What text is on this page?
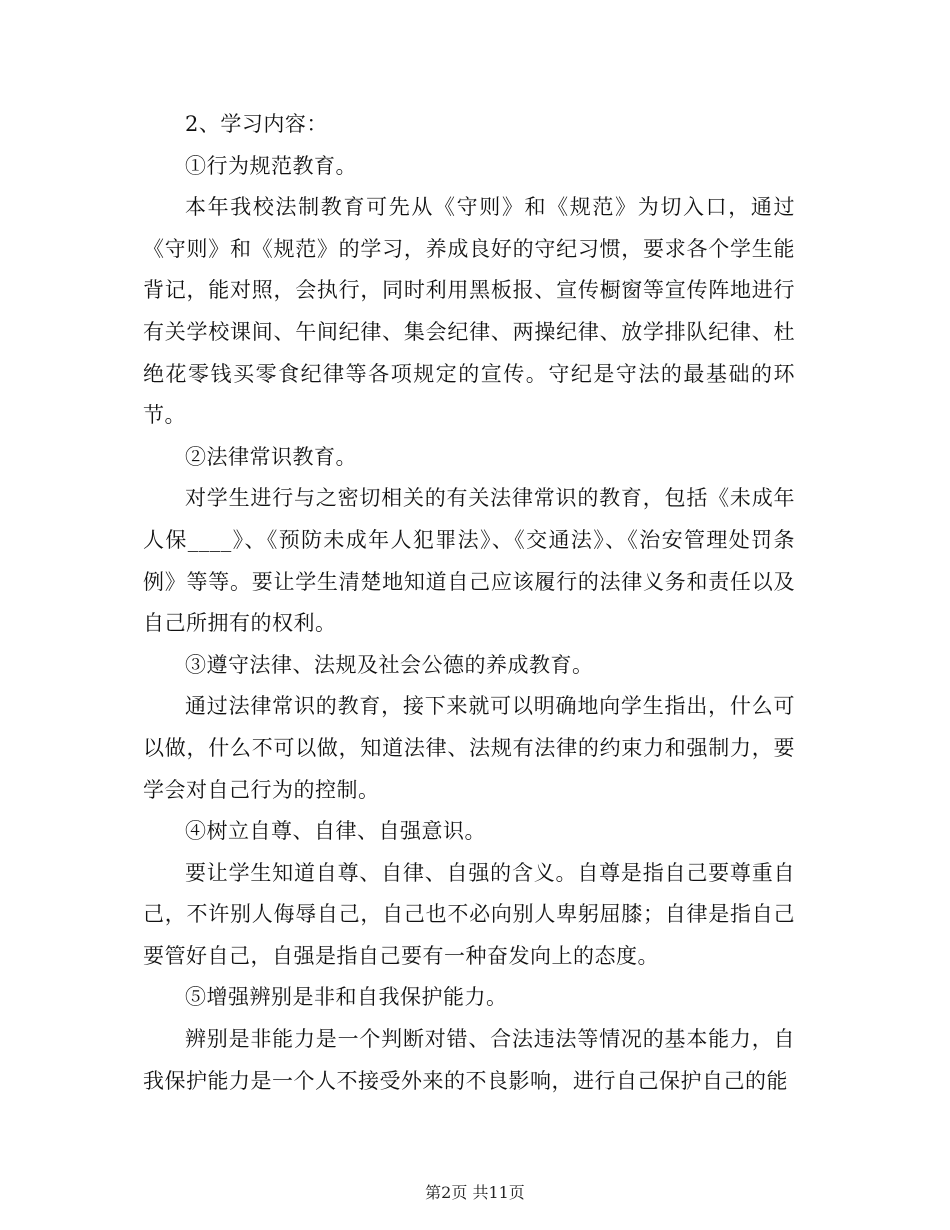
2、学习内容：

①行为规范教育。

本年我校法制教育可先从《守则》和《规范》为切入口，通过《守则》和《规范》的学习，养成良好的守纪习惯，要求各个学生能背记，能对照，会执行，同时利用黑板报、宣传橱窗等宣传阵地进行有关学校课间、午间纪律、集会纪律、两操纪律、放学排队纪律、杜绝花零钱买零食纪律等各项规定的宣传。守纪是守法的最基础的环节。

②法律常识教育。

对学生进行与之密切相关的有关法律常识的教育，包括《未成年人保____》、《预防未成年人犯罪法》、《交通法》、《治安管理处罚条例》等等。要让学生清楚地知道自己应该履行的法律义务和责任以及自己所拥有的权利。

③遵守法律、法规及社会公德的养成教育。

通过法律常识的教育，接下来就可以明确地向学生指出，什么可以做，什么不可以做，知道法律、法规有法律的约束力和强制力，要学会对自己行为的控制。

④树立自尊、自律、自强意识。

要让学生知道自尊、自律、自强的含义。自尊是指自己要尊重自己，不许别人侮辱自己，自己也不必向别人卑躬屈膝；自律是指自己要管好自己，自强是指自己要有一种奋发向上的态度。

⑤增强辨别是非和自我保护能力。

辨别是非能力是一个判断对错、合法违法等情况的基本能力，自我保护能力是一个人不接受外来的不良影响，进行自己保护自己的能

第2页 共11页
